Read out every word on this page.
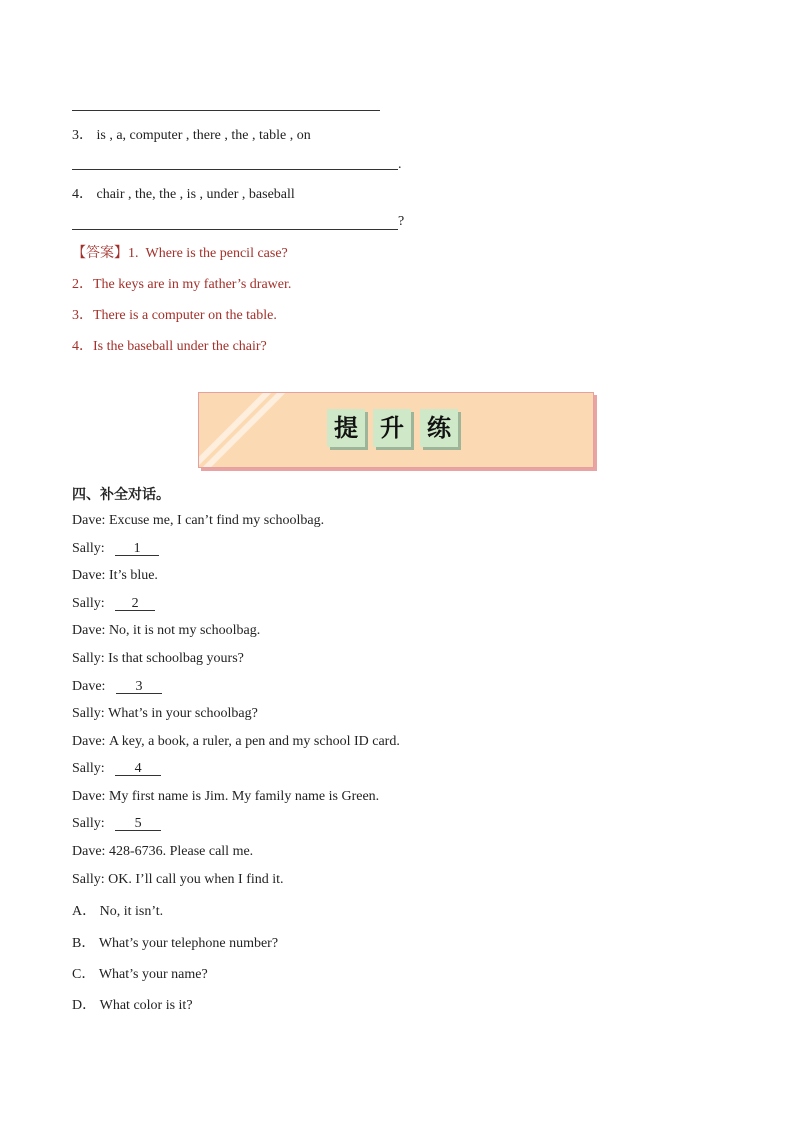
3． is , a, computer , there , the , table , on
.
4． chair , the, the , is , under , baseball
?
【答案】1. Where is the pencil case?
2．The keys are in my father’s drawer.
3．There is a computer on the table.
4．Is the baseball under the chair?
提 升 练
四、补全对话。
Dave: Excuse me, I can’t find my schoolbag.
Sally: 1
Dave: It’s blue.
Sally: 2
Dave: No, it is not my schoolbag.
Sally: Is that schoolbag yours?
Dave: 3
Sally: What’s in your schoolbag?
Dave: A key, a book, a ruler, a pen and my school ID card.
Sally: 4
Dave: My first name is Jim. My family name is Green.
Sally: 5
Dave: 428-6736. Please call me.
Sally: OK. I’ll call you when I find it.
A． No, it isn’t.
B． What’s your telephone number?
C． What’s your name?
D． What color is it?
